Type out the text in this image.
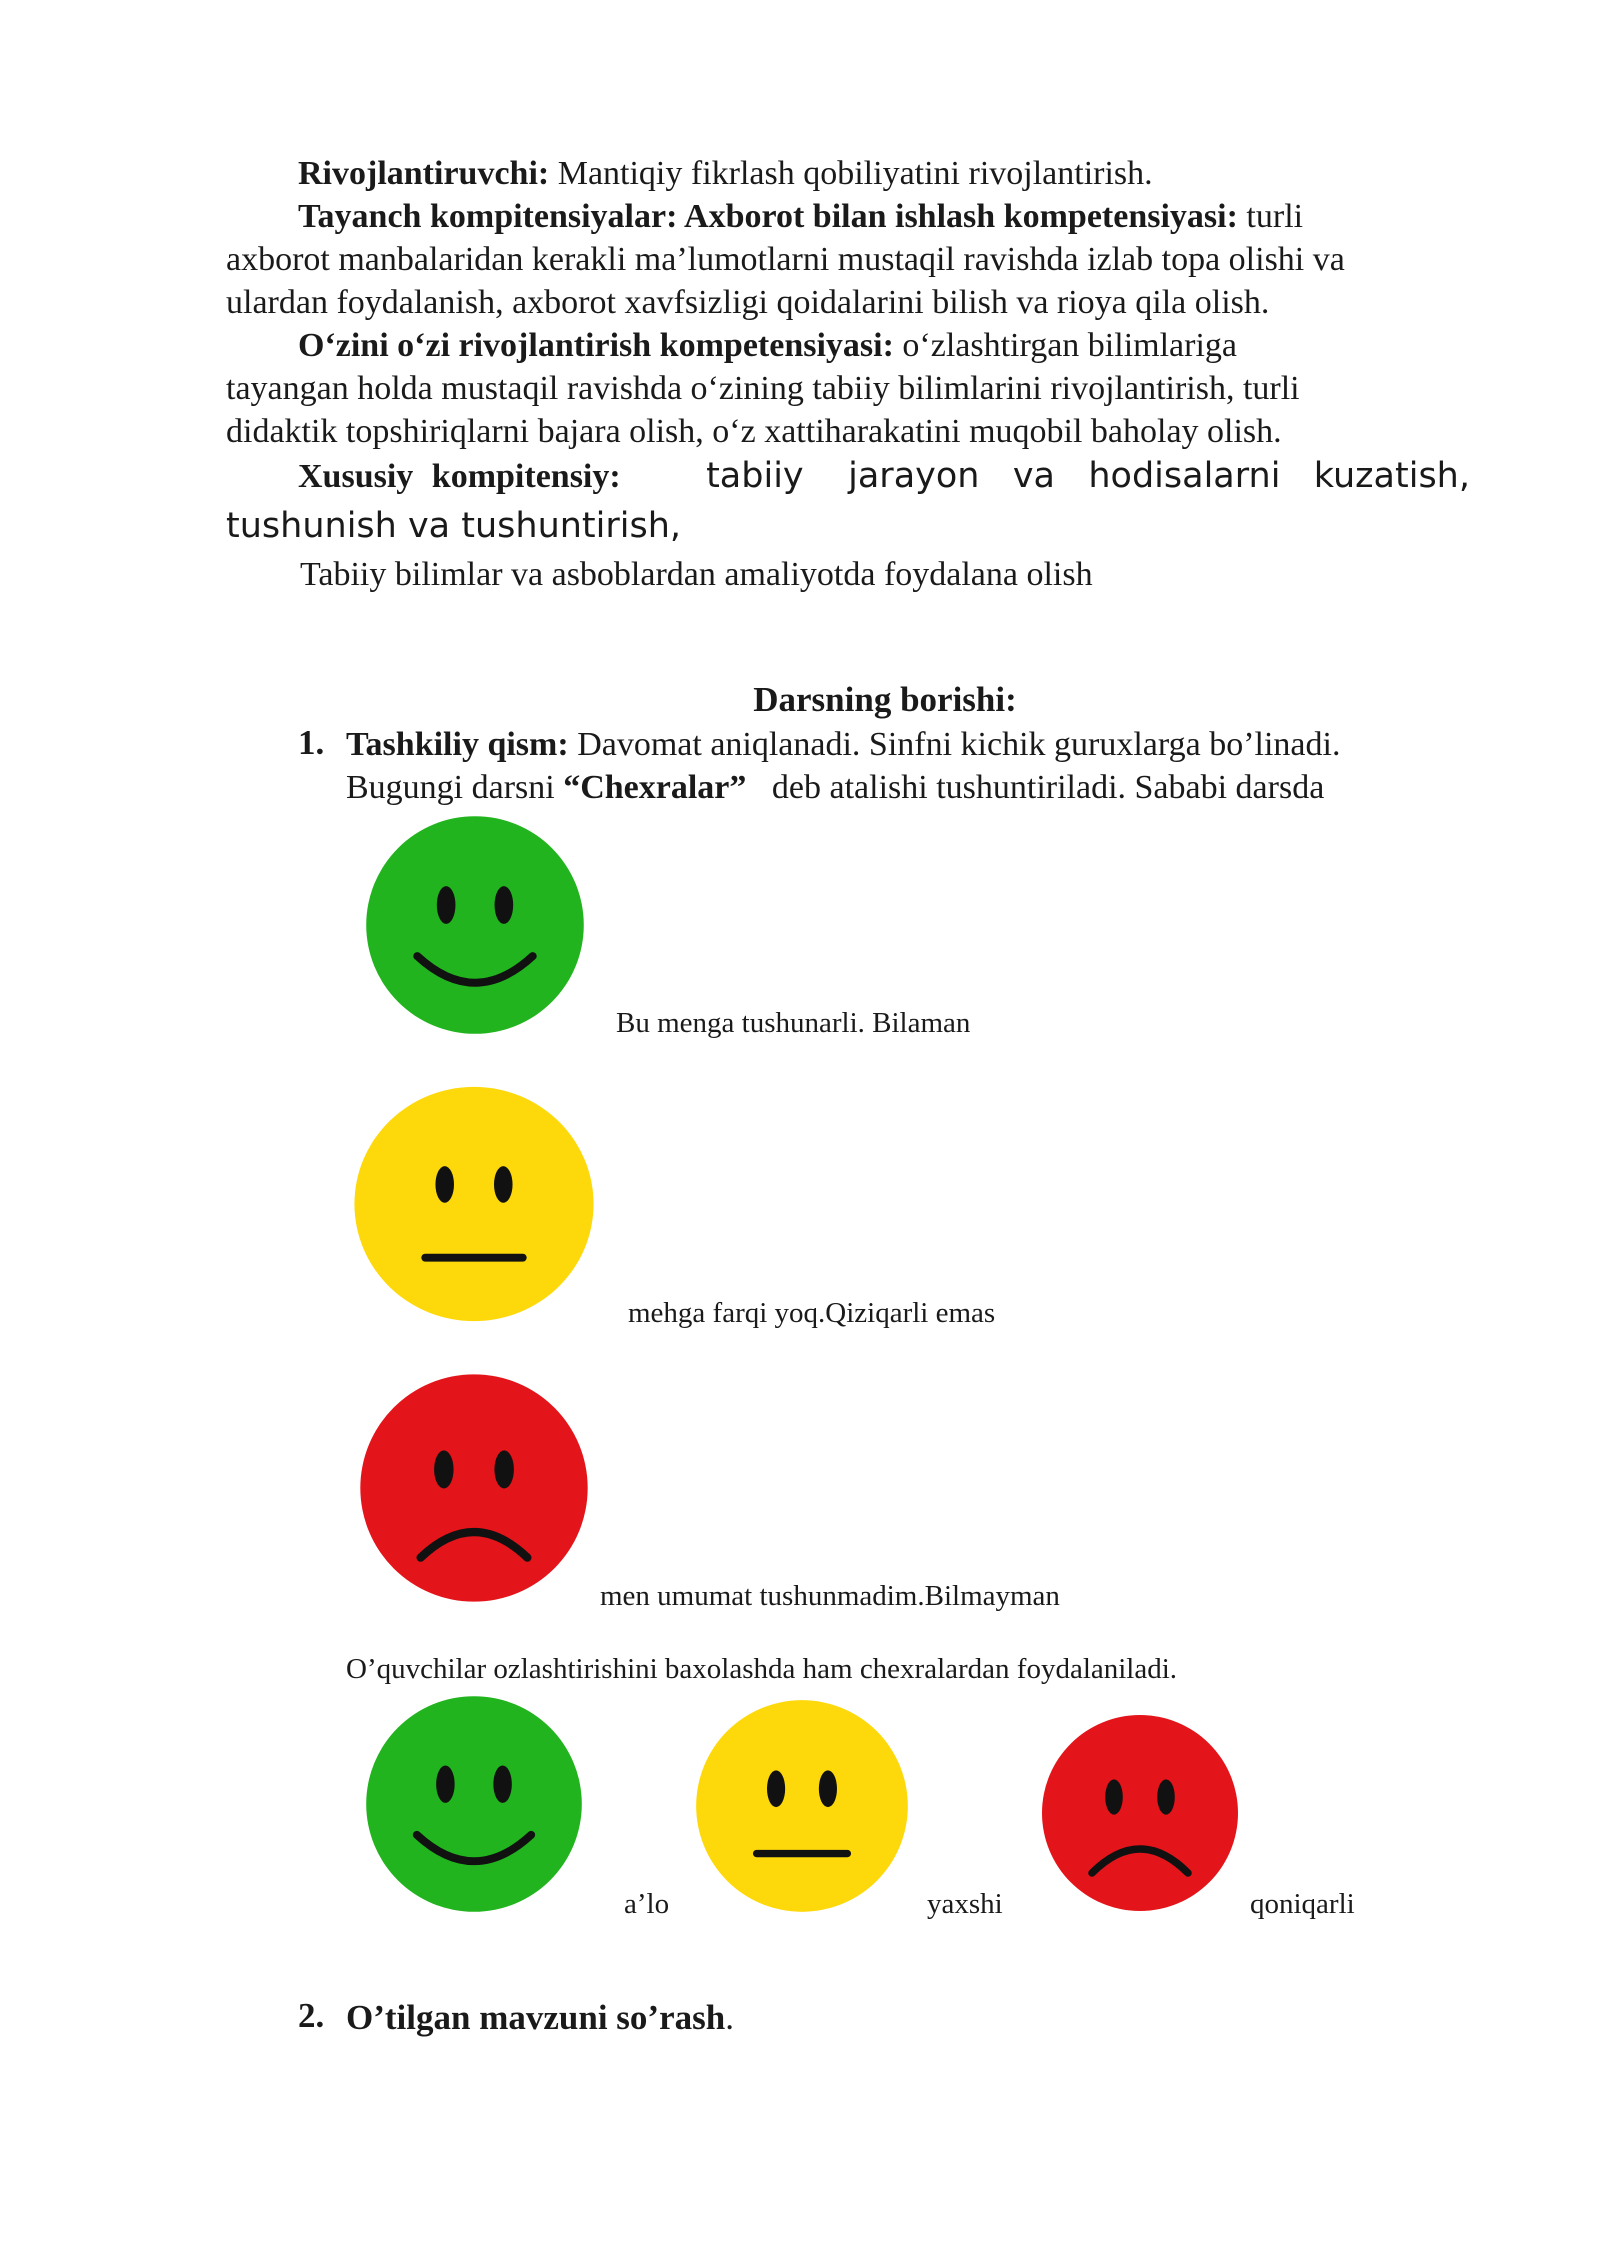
Rivojlantiruvchi: Mantiqiy fikrlash qobiliyatini rivojlantirish.
Tayanch kompitensiyalar: Axborot bilan ishlash kompetensiyasi: turli
axborot manbalaridan kerakli ma’lumotlarni mustaqil ravishda izlab topa olishi va
ulardan foydalanish, axborot xavfsizligi qoidalarini bilish va rioya qila olish.
O‘zini o‘zi rivojlantirish kompetensiyasi: o‘zlashtirgan bilimlariga
tayangan holda mustaqil ravishda o‘zining tabiiy bilimlarini rivojlantirish, turli
didaktik topshiriqlarni bajara olish, o‘z xattiharakatini muqobil baholay olish.
Xususiy kompitensiy: tabiiy    jarayon   va   hodisalarni   kuzatish,
tushunish va tushuntirish,
Tabiiy bilimlar va asboblardan amaliyotda foydalana olish
Darsning borishi:
1. Tashkiliy qism: Davomat aniqlanadi. Sinfni kichik guruxlarga bo’linadi.
Bugungi darsni “Chexralar”   deb atalishi tushuntiriladi. Sababi darsda
Bu menga tushunarli. Bilaman
mehga farqi yoq.Qiziqarli emas
men umumat tushunmadim.Bilmayman
O’quvchilar ozlashtirishini baxolashda ham chexralardan foydalaniladi.
a’lo	yaxshi	qoniqarli
2. O’tilgan mavzuni so’rash.
